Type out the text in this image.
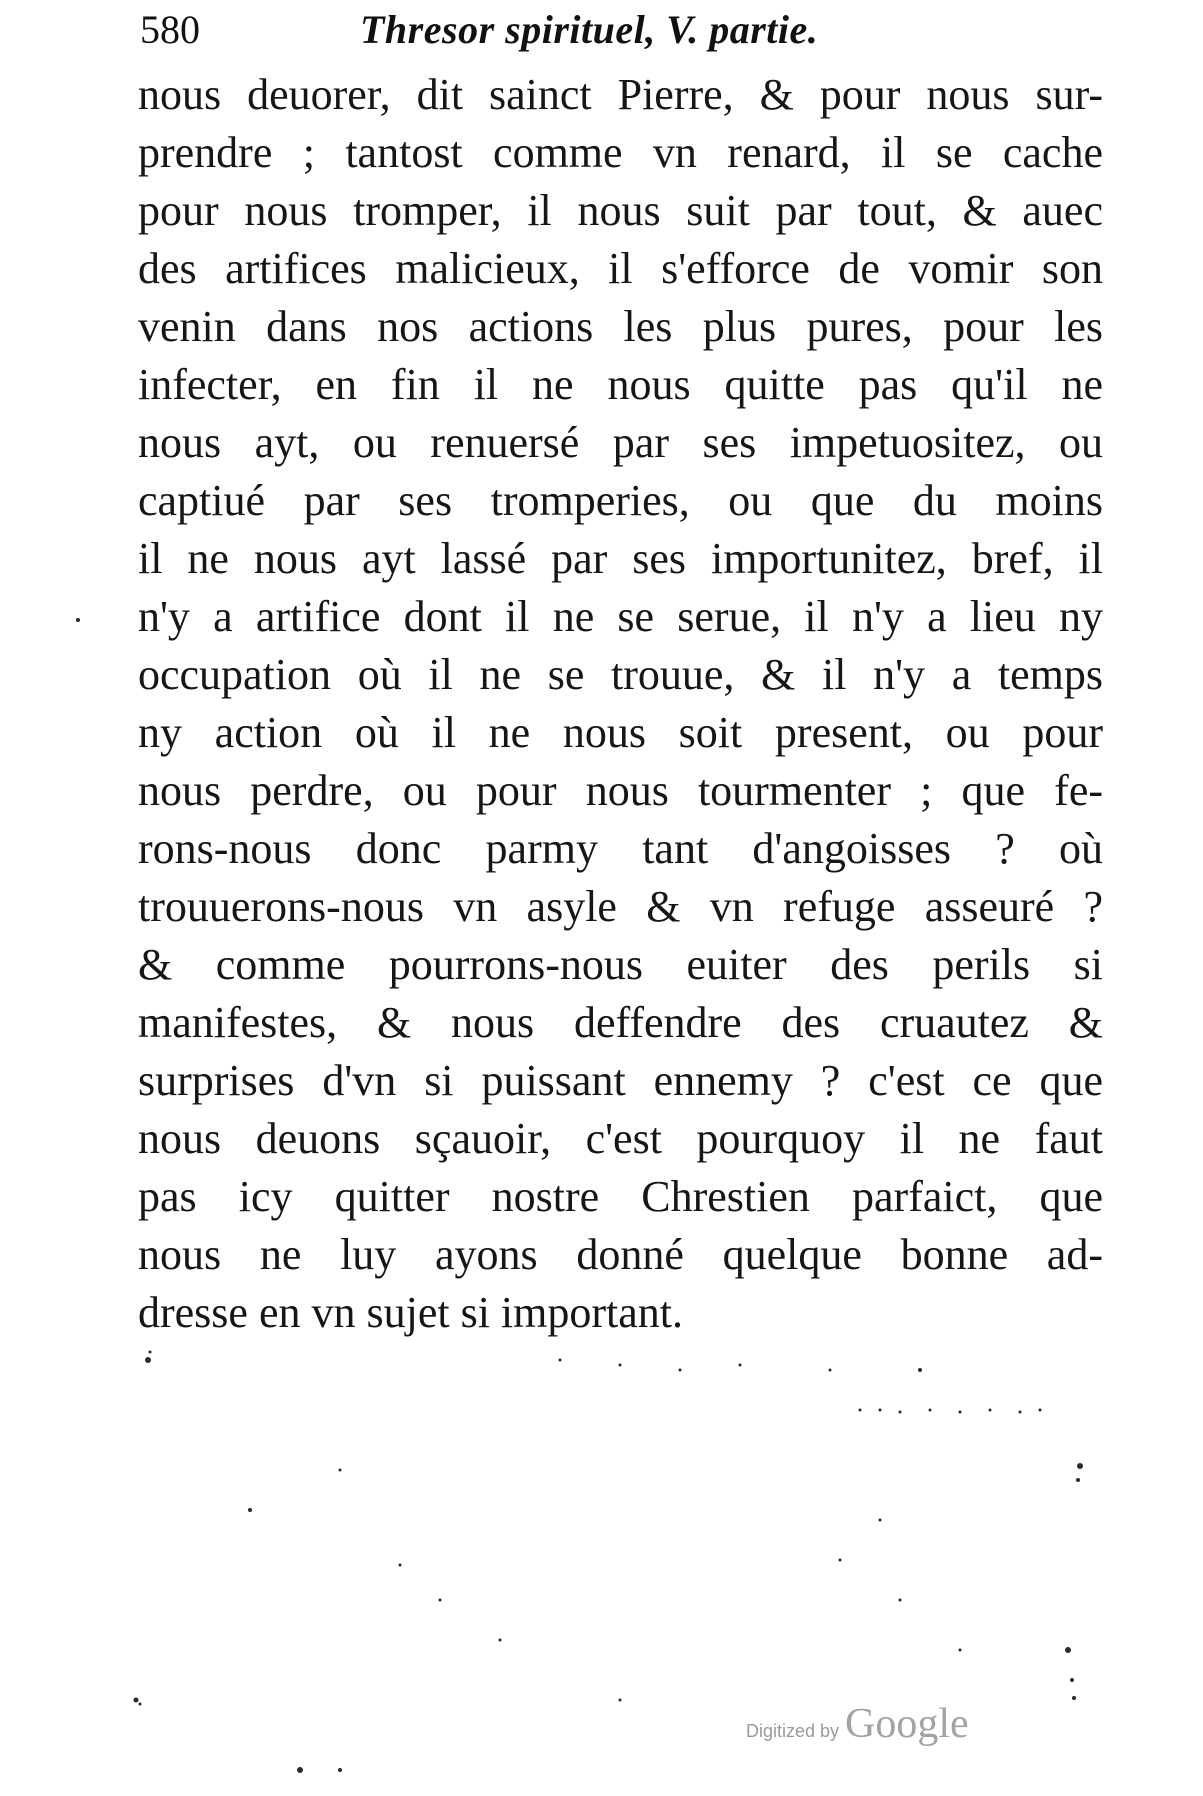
580	Thresor spirituel, V. partie.
nous deuorer, dit sainct Pierre, & pour nous sur-
prendre ; tantost comme vn renard, il se cache
pour nous tromper, il nous suit par tout, & auec
des artifices malicieux, il s'efforce de vomir son
venin dans nos actions les plus pures, pour les
infecter, en fin il ne nous quitte pas qu'il ne
nous ayt, ou renuersé par ses impetuositez, ou
captiué par ses tromperies, ou que du moins
il ne nous ayt lassé par ses importunitez, bref, il
n'y a artifice dont il ne se serue, il n'y a lieu ny
occupation où il ne se trouue, & il n'y a temps
ny action où il ne nous soit present, ou pour
nous perdre, ou pour nous tourmenter ; que fe-
rons-nous donc parmy tant d'angoisses ? où
trouuerons-nous vn asyle & vn refuge asseuré ?
& comme pourrons-nous euiter des perils si
manifestes, & nous deffendre des cruautez &
surprises d'vn si puissant ennemy ? c'est ce que
nous deuons sçauoir, c'est pourquoy il ne faut
pas icy quitter nostre Chrestien parfaict, que
nous ne luy ayons donné quelque bonne ad-
dresse en vn sujet si important.
Digitized by Google
